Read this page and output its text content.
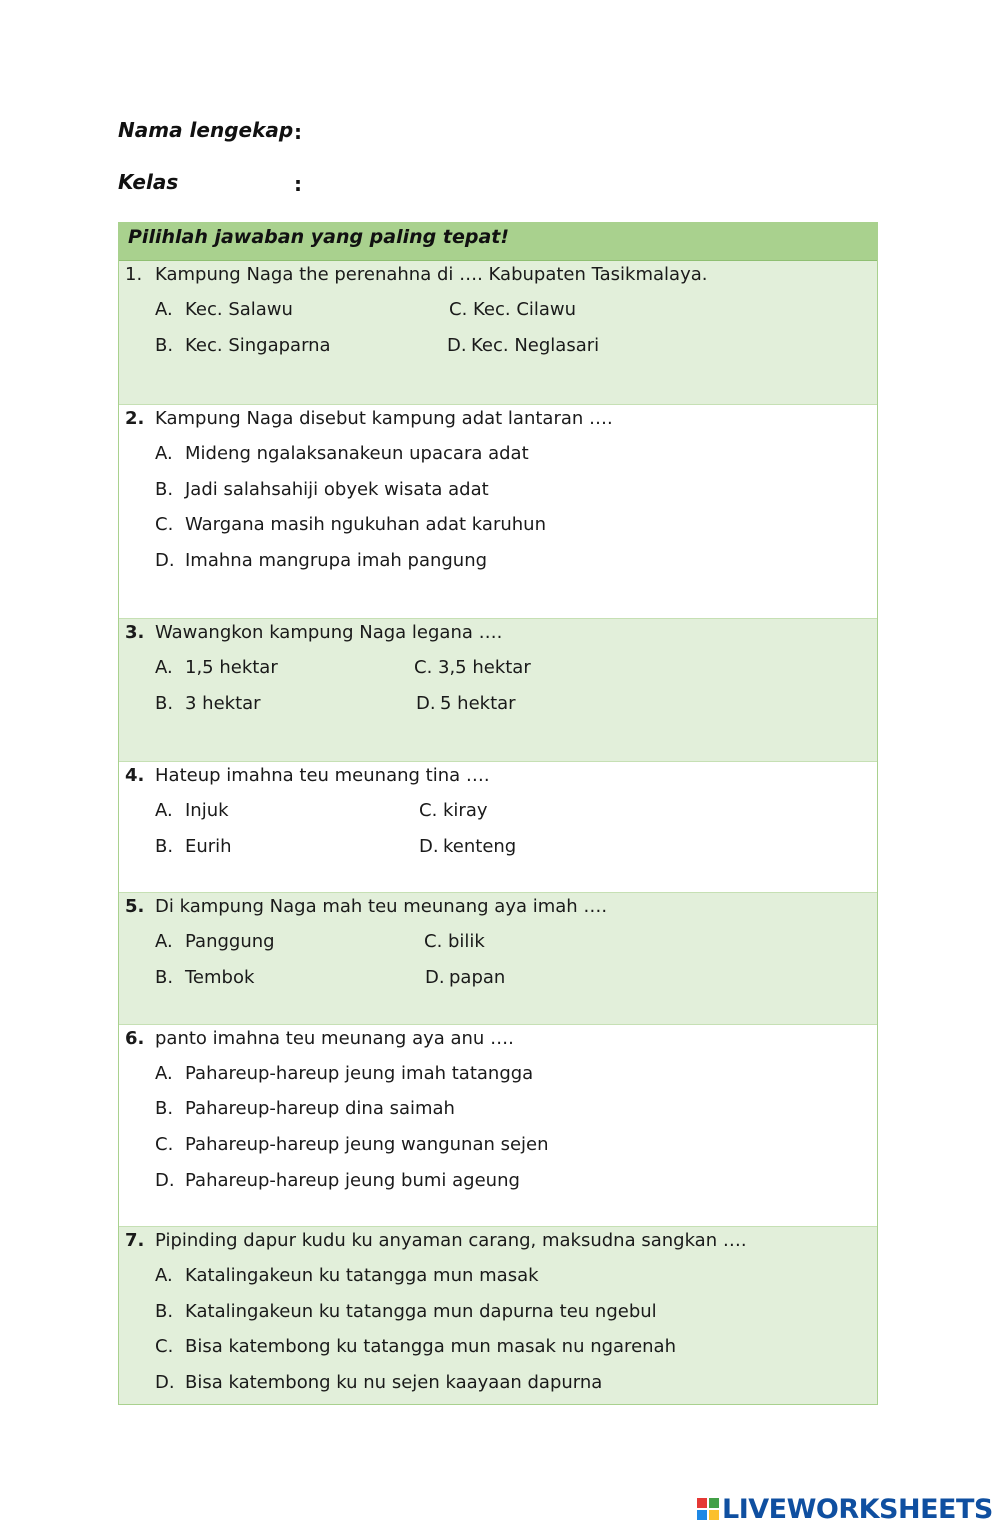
Nama lengekap :
Kelas	:
Pilihlah jawaban yang paling tepat!
1. Kampung Naga the perenahna di …. Kabupaten Tasikmalaya.
A. Kec. Salawu
B. Kec. Singaparna
C. Kec. Cilawu
D. Kec. Neglasari
2. Kampung Naga disebut kampung adat lantaran ….
A. Mideng ngalaksanakeun upacara adat
B. Jadi salahsahiji obyek wisata adat
C. Wargana masih ngukuhan adat karuhun
D. Imahna mangrupa imah pangung
3. Wawangkon kampung Naga legana ….
A. 1,5 hektar
B. 3 hektar
C. 3,5 hektar
D. 5 hektar
4. Hateup imahna teu meunang tina ….
A. Injuk
B. Eurih
C. kiray
D. kenteng
5. Di kampung Naga mah teu meunang aya imah ….
A. Panggung
B. Tembok
C. bilik
D. papan
6. panto imahna teu meunang aya anu ….
A. Pahareup-hareup jeung imah tatangga
B. Pahareup-hareup dina saimah
C. Pahareup-hareup jeung wangunan sejen
D. Pahareup-hareup jeung bumi ageung
7. Pipinding dapur kudu ku anyaman carang, maksudna sangkan ….
A. Katalingakeun ku tatangga mun masak
B. Katalingakeun ku tatangga mun dapurna teu ngebul
C. Bisa katembong ku tatangga mun masak nu ngarenah
D. Bisa katembong ku nu sejen kaayaan dapurna
LIVEWORKSHEETS
